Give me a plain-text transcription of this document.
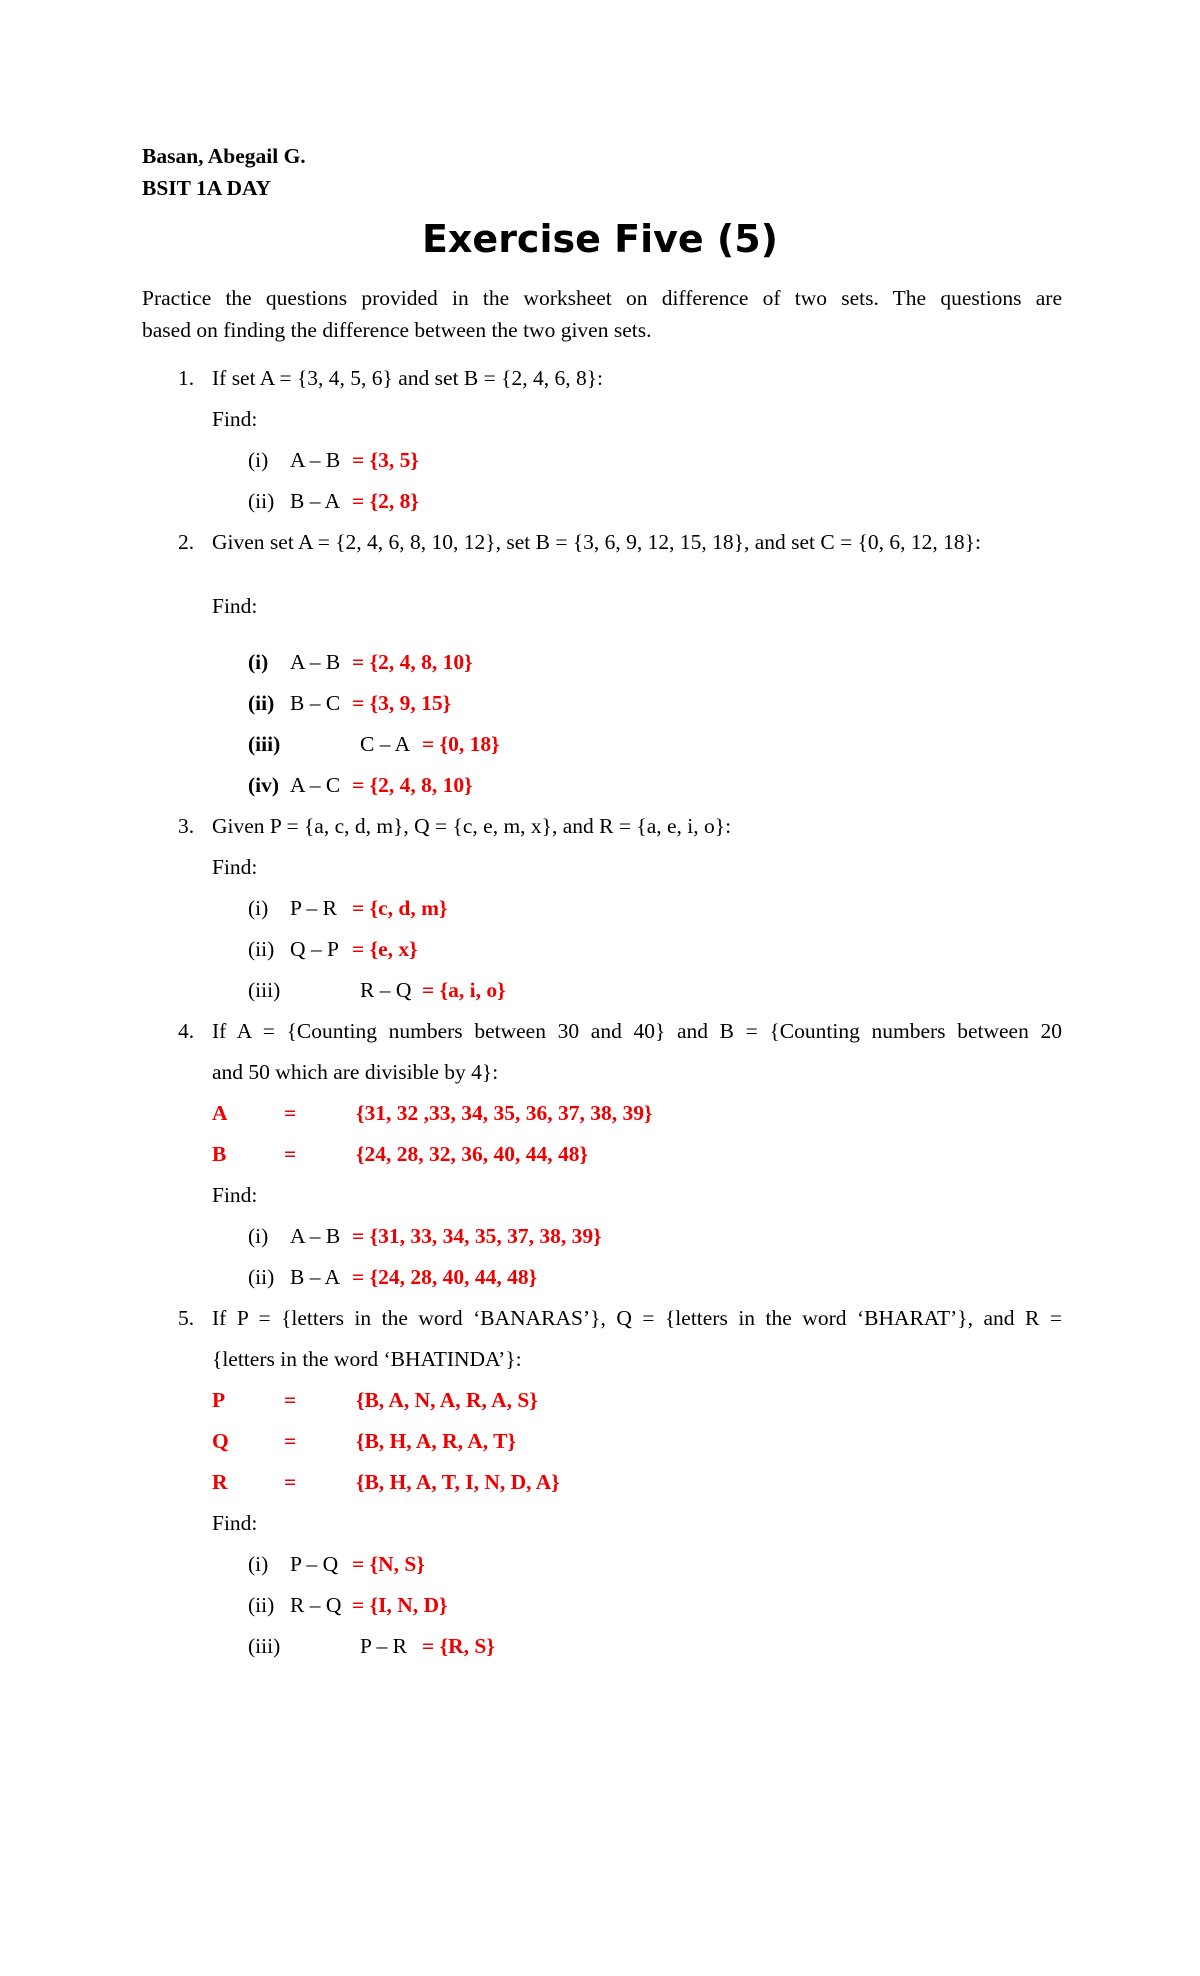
Basan, Abegail G.
BSIT 1A DAY
Exercise Five (5)
Practice the questions provided in the worksheet on difference of two sets. The questions are
based on finding the difference between the two given sets.
1. If set A = {3, 4, 5, 6} and set B = {2, 4, 6, 8}:
Find:
(i) A – B = {3, 5}
(ii) B – A = {2, 8}
2. Given set A = {2, 4, 6, 8, 10, 12}, set B = {3, 6, 9, 12, 15, 18}, and set C = {0, 6, 12, 18}:
Find:
(i) A – B = {2, 4, 8, 10}
(ii) B – C = {3, 9, 15}
(iii)	C – A = {0, 18}
(iv) A – C = {2, 4, 8, 10}
3. Given P = {a, c, d, m}, Q = {c, e, m, x}, and R = {a, e, i, o}:
Find:
(i) P – R = {c, d, m}
(ii) Q – P = {e, x}
(iii)	R – Q = {a, i, o}
4. If A = {Counting numbers between 30 and 40} and B = {Counting numbers between 20
and 50 which are divisible by 4}:
A	=	{31, 32 ,33, 34, 35, 36, 37, 38, 39}
B	=	{24, 28, 32, 36, 40, 44, 48}
Find:
(i) A – B = {31, 33, 34, 35, 37, 38, 39}
(ii) B – A = {24, 28, 40, 44, 48}
5. If P = {letters in the word ‘BANARAS’}, Q = {letters in the word ‘BHARAT’}, and R =
{letters in the word ‘BHATINDA’}:
P	=	{B, A, N, A, R, A, S}
Q	=	{B, H, A, R, A, T}
R	=	{B, H, A, T, I, N, D, A}
Find:
(i) P – Q = {N, S}
(ii) R – Q = {I, N, D}
(iii)	P – R = {R, S}
